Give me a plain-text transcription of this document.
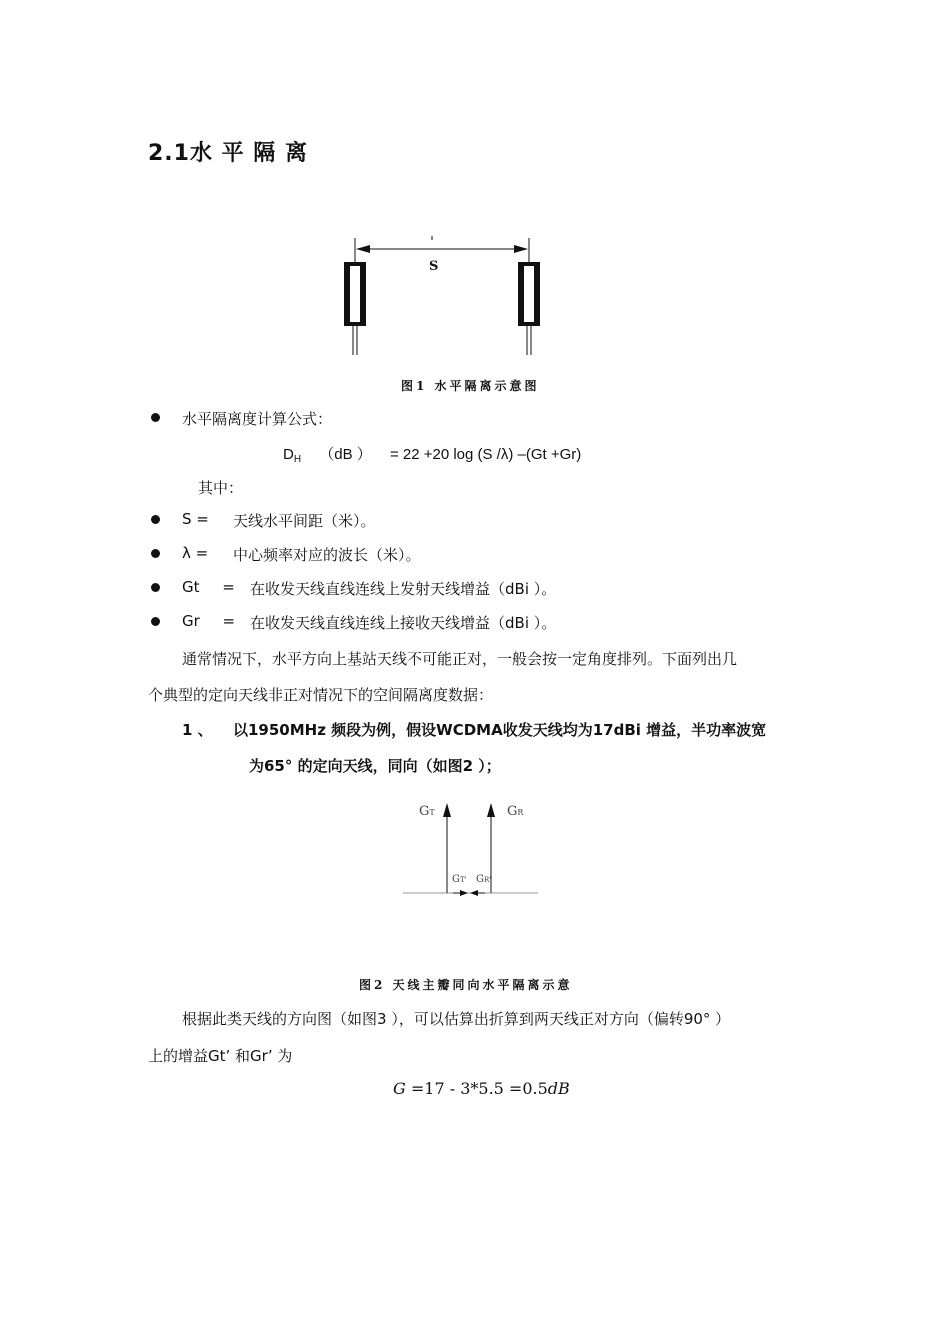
2.1水 平 隔 离
S
图1 水平隔离示意图
水平隔离度计算公式：
$D_H$ （dB ） = 22 +20 log (S /λ) –(Gt +Gr)
其中：
S = 天线水平间距（米）。
λ = 中心频率对应的波长（米）。
Gt = 在收发天线直线连线上发射天线增益（dBi ）。
Gr = 在收发天线直线连线上接收天线增益（dBi ）。
通常情况下，水平方向上基站天线不可能正对，一般会按一定角度排列。下面列出几
个典型的定向天线非正对情况下的空间隔离度数据：
1 、 以1950MHz 频段为例，假设WCDMA收发天线均为17dBi 增益，半功率波宽
为65° 的定向天线，同向（如图2 ）；
GT	GR
GT' GR'
图2 天线主瓣同向水平隔离示意
根据此类天线的方向图（如图3 ），可以估算出折算到两天线正对方向（偏转90° ）
上的增益Gt’ 和Gr’ 为
G =17 - 3*5.5 =0.5dB
